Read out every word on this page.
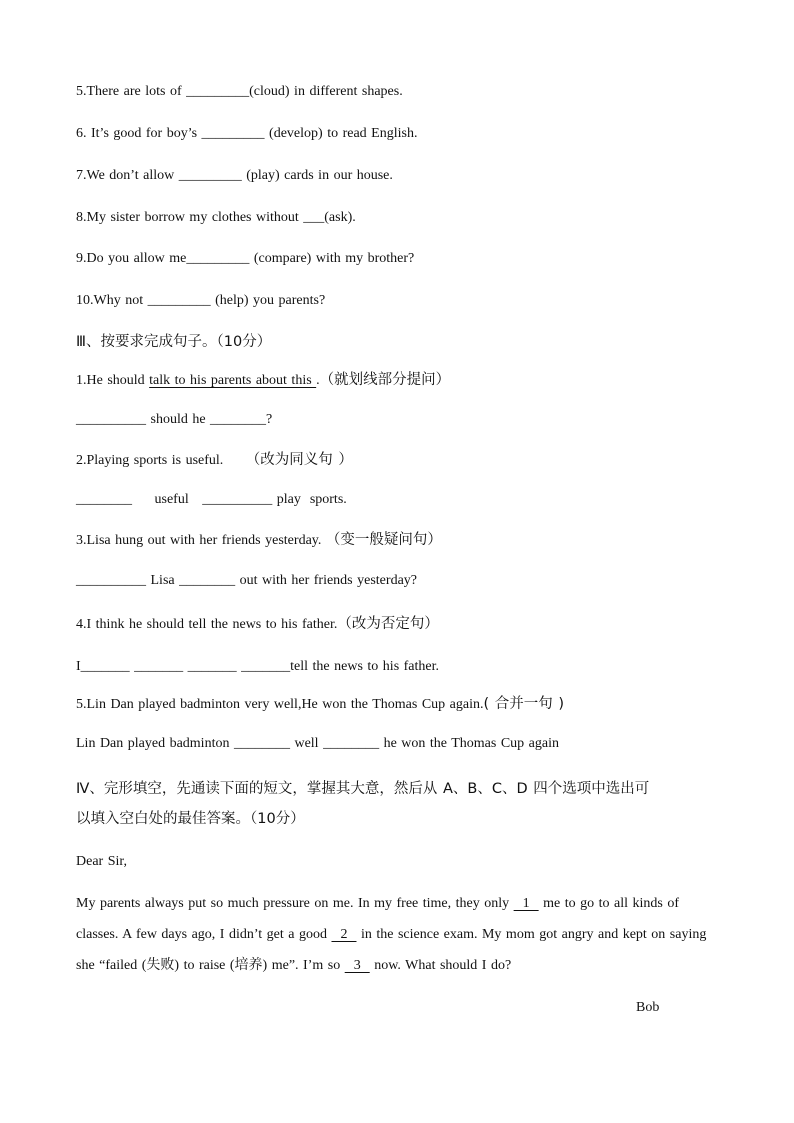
5.There are lots of _________(cloud) in different shapes.
6. It’s good for boy’s _________ (develop) to read English.
7.We don’t allow _________ (play) cards in our house.
8.My sister borrow my clothes without ___(ask).
9.Do you allow me_________ (compare) with my brother?
10.Why not _________ (help) you parents?
Ⅲ、按要求完成句子。（10分）
1.He should talk to his parents about this .（就划线部分提问）
__________ should he ________?
2.Playing sports is useful. （改为同义句 ）
________     useful   __________ play  sports.
3.Lisa hung out with her friends yesterday. （变一般疑问句）
__________ Lisa ________ out with her friends yesterday?
4.I think he should tell the news to his father.（改为否定句）
I_______ _______ _______ _______tell the news to his father.
5.Lin Dan played badminton very well,He won the Thomas Cup again.( 合并一句 )
Lin Dan played badminton ________ well ________ he won the Thomas Cup again
Ⅳ、完形填空，先通读下面的短文，掌握其大意，然后从 A、B、C、D 四个选项中选出可
以填入空白处的最佳答案。（10分）
Dear Sir,
My parents always put so much pressure on me. In my free time, they only   1   me to go to all kinds of classes. A few days ago, I didn’t get a good   2   in the science exam. My mom got angry and kept on saying she “failed (失败) to raise (培养) me”. I’m so   3   now. What should I do?
Bob
